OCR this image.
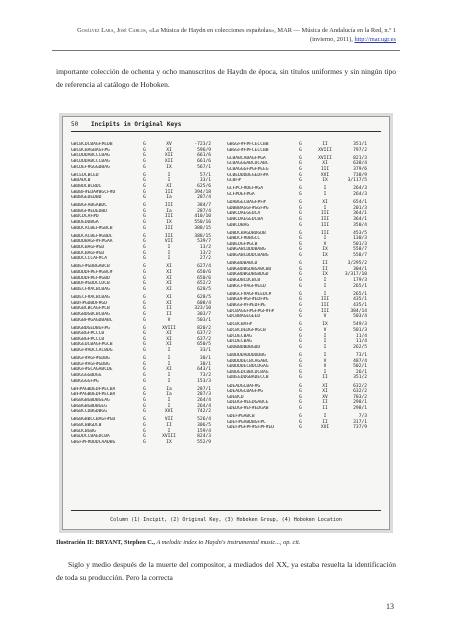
Gosálvez Lara, José Carlos, «La Música de Haydn en colecciones españolas», MAR — Música de Andalucía en la Red, n.º 1 (invierno, 2011), http://mar.ugr.es
importante colección de ochenta y ocho manuscritos de Haydn de época, sin títulos uniformes y sin ningún tipo de referencia al catálogo de Hoboken.
50 Incipits in Original Keys
GBCBCDCBAGF#EDB	G	XV	-723/2
GBCBCBAGBAGF#G	G	XI	596/9
GBCDDDABCCCBAG	G	XII	661/6
GBCDDDABCCCBAG	G	XII	661/6
GBCDEF#GGGDBAG	G	IX	567/1
GBCEDCBCED	G	I	57/1
GBDADCB	G	I	33/1
GBDBDCBCBDC	G	XI	625/6
GBDBF#EDA#BGCF#D	G	III	394/18
GBDBGEDEDBD	G	Ia	287/4
GBDBGFABGABDC	G	III	384/7
GBDBGF#EDEDBD	G	Ia	287/4
GBDCDCAF#D	G	III	410/10
GBDDEDDBGA	G	IX	550/16
GBDDCACBEF#GBCB	G	III	388/15
GBDDCACBEF#GBDC	G	III	388/15
GBDDDBAGF#F#GAA	G	VII	539/7
GBDDCBAGF#GD	G	I	13/2
GBDDCBAGF#GD	G	I	13/2
GBDDCCCCAF#CA	G	I	27/2
GBDEF#GDBGABCB	G	XI	627/4
GBDDDDF#EF#GBC#	G	XI	650/6
GBDDDDF#EF#GBD	G	XI	650/6
GBDDF#GDDCCDCB	G	XI	652/2
GBDECF#ACBCBAG	G	XI	628/5
GBDECF#ACBCBAG	G	XI	628/5
GBDF#GDBDF#GD	G	XI	608/4
GBDGBCBCAGF#CB	G	II	323/10
GBDGBDGBCBCBAG	G	II	303/7
GBDGBF#GAGDBABC	G	V	503/1
GBDGBDGEDBGF#G	G	XVIII	820/2
GBDGBGF#CCCB	G	XI	637/2
GBDGBGF#CCCB	G	XI	637/2
GBDGEDCBAGF#GCB	G	XI	650/5
GBDGF#ADCCACBDG	G	I	33/1
GBDGF#AGF#GDBG	G	I	30/1
GBDGF#AGF#GDBG	G	I	30/1
GBDGF#GCAGABCDE	G	XI	643/1
GBDGGGGBDGG	G	I	73/2
GBDGGGGF#G	G	I	153/3
GBF#AGBDEDF#ECBA	G	Ia	287/1
GBF#AGBDEDF#ECBA	G	Ia	287/3
GBGBGBGBDBGEAG	G	I	264/4
GBGBGBGBDBGEG	G	I	264/4
GBGBCCDBGDBGG	G	XVI	742/2
GBGBGBBCCBAGF#GD	G	VII	526/4
GBGBCBBGDCB	G	II	306/5
GBGDCBGBG	G	I	159/4
GBGDDCCBAEDCBA	G	XVIII	824/3
GBGF#F#DDDCAADBG	G	IX	552/9
GBGGF#F#FCECCBB	G	II	351/1
GBGGF#F#FCECCBB	G	XVIII	797/2
GCBABCABAGF#GA	G	XVIII	821/3
GCBAGGGABCDCABC	G	XI	638/4
GCBAGGGF#GF#EEG	G	III	379/6
GCBEDDDDEGEDF#A	G	XVI	738/9
GCBF#	G	IX	3/117/5
GCF#CF#DEF#GA	G	I	264/3
GCF#DEF#GA	G	I	264/3
GDABGECBAGF#F#	G	XI	654/1
GDBBBAGGF#GGF#G	G	I	201/3
GDBCDAEGEDCA	G	III	364/1
GDBCDAEGEDCBA	G	III	364/1
GDBCDBAG	G	III	350/4
GDBDCBAGDBDGDB	G	III	453/5
GDBDCF#DBGCC	G	I	130/3
GDBEDGF#GCB	G	V	501/3
GDBGABCDDDBABG	G	IX	558/7
GDBGABCDDDCBABG	G	IX	558/7
GDBGBDBABCD	G	II	3/295/2
GDBGBDBGDBGABCBD	G	II	304/1
GDBGBDBGDBGBDGD	G	IX	3/317/10
GDBGDBCDCBCB	G	I	179/3
GDBGCF#AGF#EED	G	I	265/1
GDBGCF#AGF#EEDC#	G	I	265/1
GDBGDF#GF#EDF#G	G	III	435/1
GDBGGF#F#EDF#E	G	III	435/1
GDCBAGGF#GF#GF#F#	G	III	384/14
GDCBBAGEGEED	G	V	503/4
GDCBCBAF#	G	IX	549/3
GDCBCDEDGF#GCB	G	V	501/3
GDCDECBAG	G	I	11/4
GDCDECBAG	G	I	11/4
GDDBBDBDBGDD	G	I	262/5
GDDDDDADDDDDBG	G	I	73/1
GDDDDDECBCAGABC	G	V	487/4
GDDDDDECBDCDGAG	G	V	502/1
GDDDEDCBBCDCBAG	G	I	26/1
GDDEEDDGBADECCB	G	II	351/2
GDEADGCBAF#G	G	XI	632/2
GDEADGCBAGF#G	G	XI	632/2
GDEBCD	G	XV	703/2
GDEDGF#EEDGABCE	G	II	298/1
GDEDGF#EF#EDGAB	G	II	298/1
GDEF#GABCB	G	I	7/3
GDEF#GABDBGF#C	G	II	317/1
GDEF#GF#F#GF#F#ED	G	XVI	737/9
Column (1) Incipit, (2) Original Key, (3) Hoboken Group, (4) Hoboken Location
Ilustración II: BRYANT, Stephen C., A melodic index to Haydn's instrumental music..., op. cit.
Siglo y medio después de la muerte del compositor, a mediados del XX, ya estaba resuelta la identificación de toda su producción. Pero la correcta
13
